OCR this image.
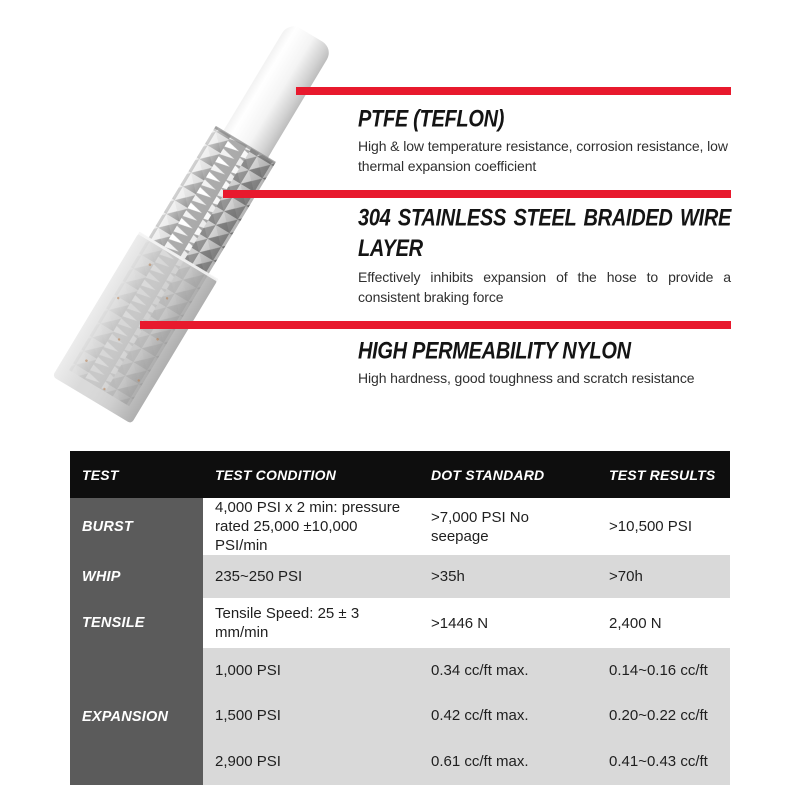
PTFE (TEFLON)

High & low temperature resistance, corrosion resistance, low thermal expansion coefficient

304 STAINLESS STEEL BRAIDED WIRE LAYER

Effectively inhibits expansion of the hose to provide a consistent braking force

HIGH PERMEABILITY NYLON

High hardness, good toughness and scratch resistance

TEST	TEST CONDITION	DOT STANDARD	TEST RESULTS
BURST	4,000 PSI x 2 min: pressure rated 25,000 ±10,000 PSI/min	>7,000 PSI No seepage	>10,500 PSI
WHIP	235~250 PSI	>35h	>70h
TENSILE	Tensile Speed: 25 ± 3 mm/min	>1446 N	2,400 N
EXPANSION	1,000 PSI	0.34 cc/ft max.	0.14~0.16 cc/ft
	1,500 PSI	0.42 cc/ft max.	0.20~0.22 cc/ft
	2,900 PSI	0.61 cc/ft max.	0.41~0.43 cc/ft
